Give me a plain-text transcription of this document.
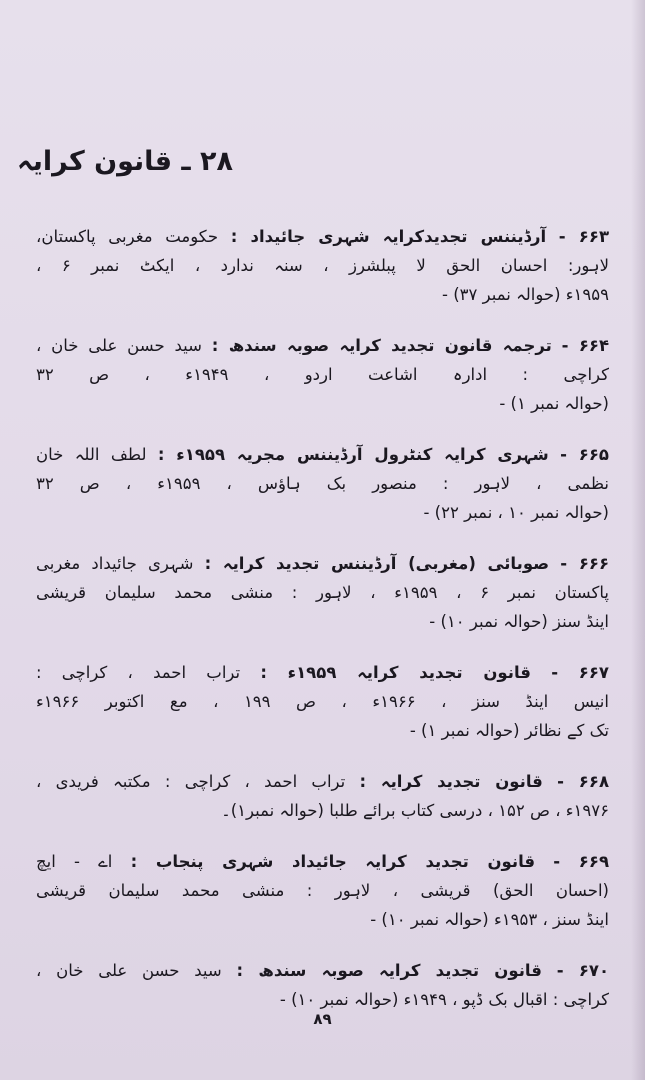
۲۸ ـ قانون کرایہ
۶۶۳ - آرڈیننس تجدیدکرایہ شہری جائیداد : حکومت مغربی پاکستان،
لاہور: احسان الحق لا پبلشرز ، سنہ ندارد ، ایکٹ نمبر ۶ ،
۱۹۵۹ء (حوالہ نمبر ۳۷) -
۶۶۴ - ترجمہ قانون تجدید کرایہ صوبہ سندھ : سید حسن علی خان ،
کراچی : ادارہ اشاعت اردو ، ۱۹۴۹ء ، ص ۳۲
(حوالہ نمبر ۱) -
۶۶۵ - شہری کرایہ کنٹرول آرڈیننس مجریہ ۱۹۵۹ء : لطف اللہ خان
نظمی ، لاہور : منصور بک ہاؤس ، ۱۹۵۹ء ، ص ۳۲
(حوالہ نمبر ۱۰ ، نمبر ۲۲) -
۶۶۶ - صوبائی (مغربی) آرڈیننس تجدید کرایہ : شہری جائیداد مغربی
پاکستان نمبر ۶ ، ۱۹۵۹ء ، لاہور : منشی محمد سلیمان قریشی
اینڈ سنز (حوالہ نمبر ۱۰) -
۶۶۷ - قانون تجدید کرایہ ۱۹۵۹ء : تراب احمد ، کراچی :
انیس اینڈ سنز ، ۱۹۶۶ء ، ص ۱۹۹ ، مع اکتوبر ۱۹۶۶ء
تک کے نظائر (حوالہ نمبر ۱) -
۶۶۸ - قانون تجدید کرایہ : تراب احمد ، کراچی : مکتبہ فریدی ،
۱۹۷۶ء ، ص ۱۵۲ ، درسی کتاب برائے طلبا (حوالہ نمبر۱)۔
۶۶۹ - قانون تجدید کرایہ جائیداد شہری پنجاب : اے - ایچ
(احسان الحق) قریشی ، لاہور : منشی محمد سلیمان قریشی
اینڈ سنز ، ۱۹۵۳ء (حوالہ نمبر ۱۰) -
۶۷۰ - قانون تجدید کرایہ صوبہ سندھ : سید حسن علی خان ،
کراچی : اقبال بک ڈپو ، ۱۹۴۹ء (حوالہ نمبر ۱۰) -
۸۹
